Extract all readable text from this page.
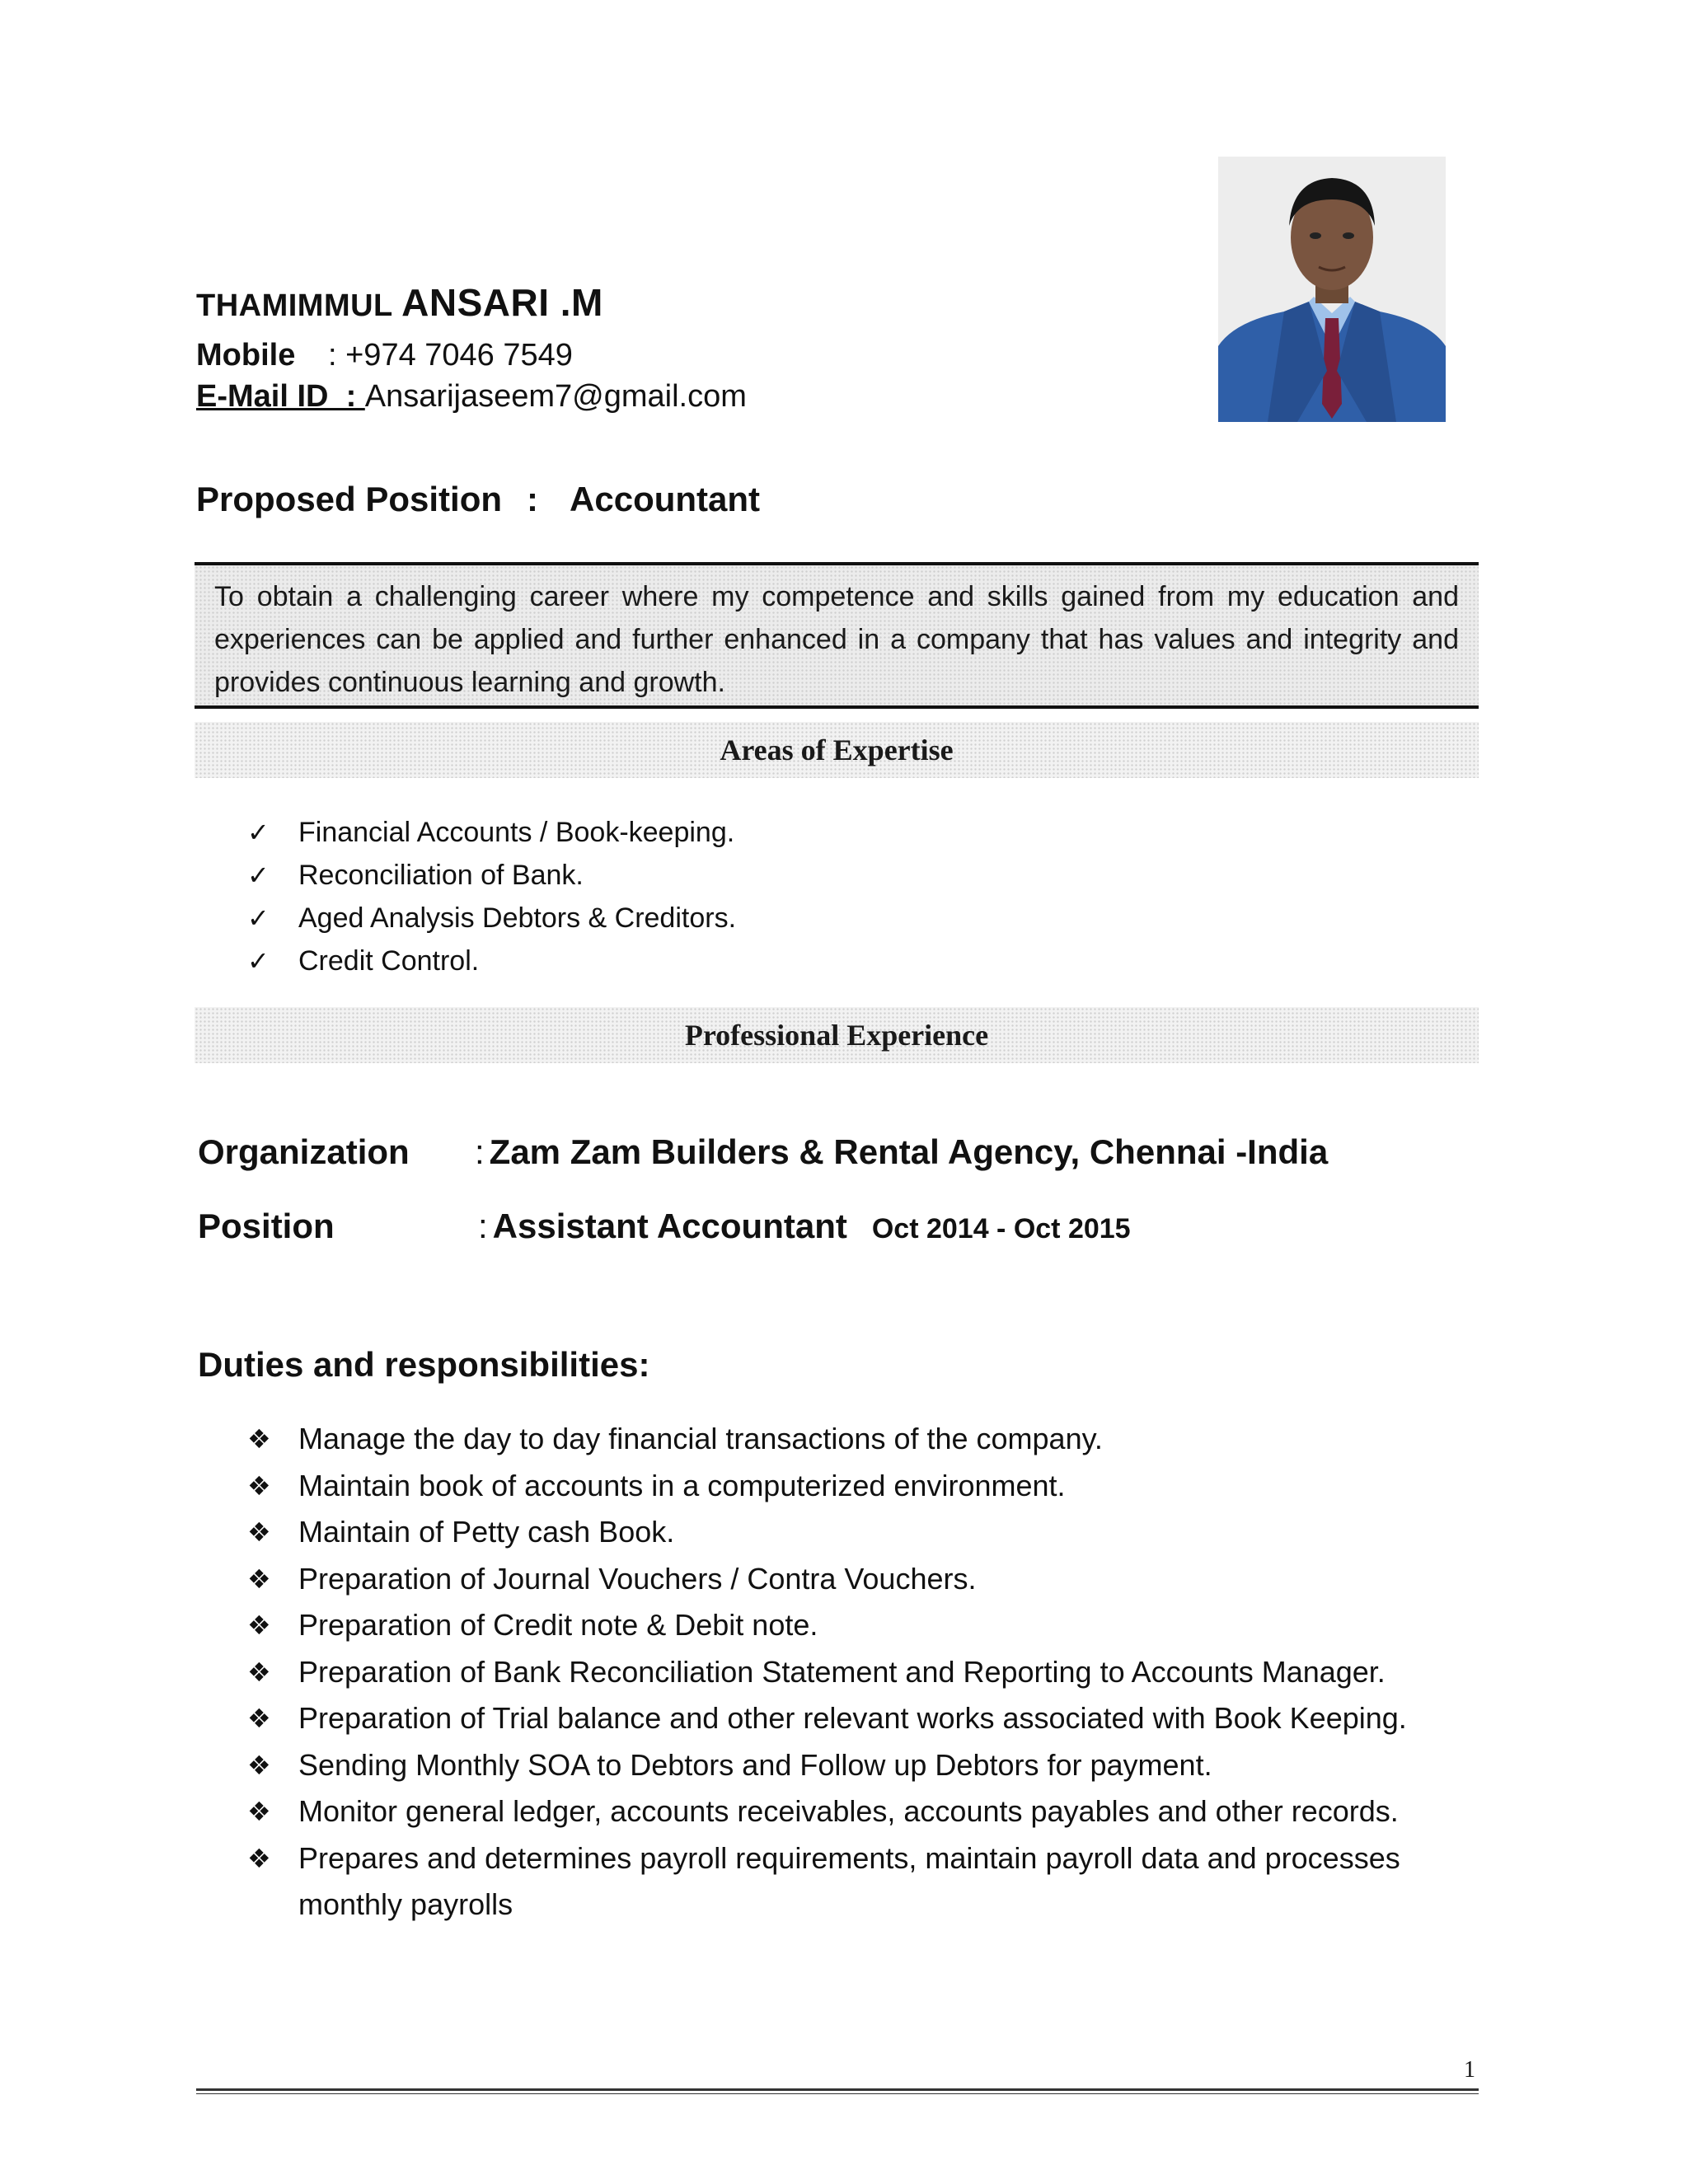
THAMIMMUL ANSARI .M
Mobile : +974 7046 7549
E-Mail ID  : Ansarijaseem7@gmail.com
Proposed Position : Accountant
To obtain a challenging career where my competence and skills gained from my education and experiences can be applied and further enhanced in a company that has values and integrity and provides continuous learning and growth.
Areas of Expertise
✓ Financial Accounts / Book-keeping.
✓ Reconciliation of Bank.
✓ Aged Analysis Debtors & Creditors.
✓ Credit Control.
Professional Experience
Organization : Zam Zam Builders & Rental Agency, Chennai -India
Position	: Assistant Accountant Oct 2014 - Oct 2015
Duties and responsibilities:
❖ Manage the day to day financial transactions of the company.
❖ Maintain book of accounts in a computerized environment.
❖ Maintain of Petty cash Book.
❖ Preparation of Journal Vouchers / Contra Vouchers.
❖ Preparation of Credit note & Debit note.
❖ Preparation of Bank Reconciliation Statement and Reporting to Accounts Manager.
❖ Preparation of Trial balance and other relevant works associated with Book Keeping.
❖ Sending Monthly SOA to Debtors and Follow up Debtors for payment.
❖ Monitor general ledger, accounts receivables, accounts payables and other records.
❖ Prepares and determines payroll requirements, maintain payroll data and processes monthly payrolls
1
